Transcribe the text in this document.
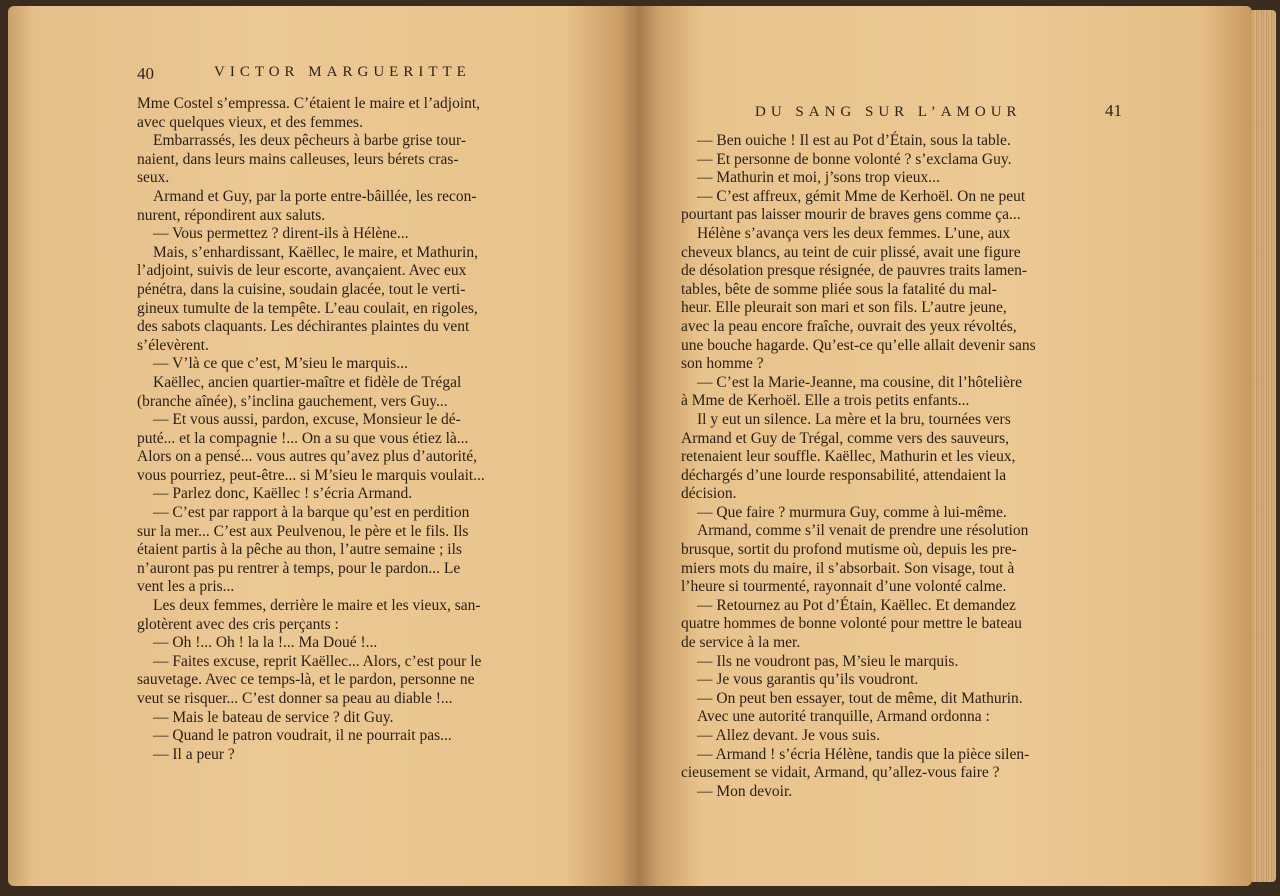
40	VICTOR MARGUERITTE

Mme Costel s’empressa. C’étaient le maire et l’adjoint,

avec quelques vieux, et des femmes.

Embarrassés, les deux pêcheurs à barbe grise tour-

naient, dans leurs mains calleuses, leurs bérets cras-

seux.

Armand et Guy, par la porte entre-bâillée, les recon-

nurent, répondirent aux saluts.

— Vous permettez ? dirent-ils à Hélène...

Mais, s’enhardissant, Kaëllec, le maire, et Mathurin,

l’adjoint, suivis de leur escorte, avançaient. Avec eux

pénétra, dans la cuisine, soudain glacée, tout le verti-

gineux tumulte de la tempête. L’eau coulait, en rigoles,

des sabots claquants. Les déchirantes plaintes du vent

s’élevèrent.

— V’là ce que c’est, M’sieu le marquis...

Kaëllec, ancien quartier-maître et fidèle de Trégal

(branche aînée), s’inclina gauchement, vers Guy...

— Et vous aussi, pardon, excuse, Monsieur le dé-

puté... et la compagnie !... On a su que vous étiez là...

Alors on a pensé... vous autres qu’avez plus d’autorité,

vous pourriez, peut-être... si M’sieu le marquis voulait...

— Parlez donc, Kaëllec ! s’écria Armand.

— C’est par rapport à la barque qu’est en perdition

sur la mer... C’est aux Peulvenou, le père et le fils. Ils

étaient partis à la pêche au thon, l’autre semaine ; ils

n’auront pas pu rentrer à temps, pour le pardon... Le

vent les a pris...

Les deux femmes, derrière le maire et les vieux, san-

glotèrent avec des cris perçants :

— Oh !... Oh ! la la !... Ma Doué !...

— Faites excuse, reprit Kaëllec... Alors, c’est pour le

sauvetage. Avec ce temps-là, et le pardon, personne ne

veut se risquer... C’est donner sa peau au diable !...

— Mais le bateau de service ? dit Guy.

— Quand le patron voudrait, il ne pourrait pas...

— Il a peur ?

DU SANG SUR L’AMOUR	41

— Ben ouiche ! Il est au Pot d’Étain, sous la table.

— Et personne de bonne volonté ? s’exclama Guy.

— Mathurin et moi, j’sons trop vieux...

— C’est affreux, gémit Mme de Kerhoël. On ne peut

pourtant pas laisser mourir de braves gens comme ça...

Hélène s’avança vers les deux femmes. L’une, aux

cheveux blancs, au teint de cuir plissé, avait une figure

de désolation presque résignée, de pauvres traits lamen-

tables, bête de somme pliée sous la fatalité du mal-

heur. Elle pleurait son mari et son fils. L’autre jeune,

avec la peau encore fraîche, ouvrait des yeux révoltés,

une bouche hagarde. Qu’est-ce qu’elle allait devenir sans

son homme ?

— C’est la Marie-Jeanne, ma cousine, dit l’hôtelière

à Mme de Kerhoël. Elle a trois petits enfants...

Il y eut un silence. La mère et la bru, tournées vers

Armand et Guy de Trégal, comme vers des sauveurs,

retenaient leur souffle. Kaëllec, Mathurin et les vieux,

déchargés d’une lourde responsabilité, attendaient la

décision.

— Que faire ? murmura Guy, comme à lui-même.

Armand, comme s’il venait de prendre une résolution

brusque, sortit du profond mutisme où, depuis les pre-

miers mots du maire, il s’absorbait. Son visage, tout à

l’heure si tourmenté, rayonnait d’une volonté calme.

— Retournez au Pot d’Étain, Kaëllec. Et demandez

quatre hommes de bonne volonté pour mettre le bateau

de service à la mer.

— Ils ne voudront pas, M’sieu le marquis.

— Je vous garantis qu’ils voudront.

— On peut ben essayer, tout de même, dit Mathurin.

Avec une autorité tranquille, Armand ordonna :

— Allez devant. Je vous suis.

— Armand ! s’écria Hélène, tandis que la pièce silen-

cieusement se vidait, Armand, qu’allez-vous faire ?

— Mon devoir.
